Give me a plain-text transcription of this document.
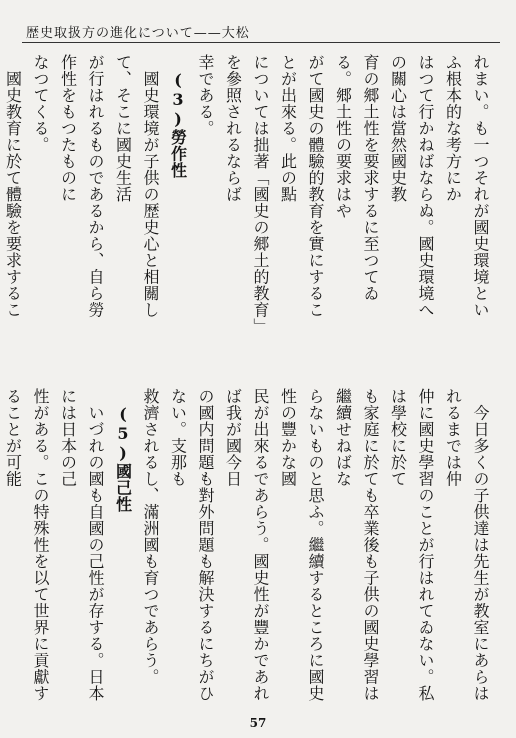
歴史取扱方の進化について——大松
れまい。も一つそれが國史環境といふ根本的な考方にか
はつて行かねばならぬ。國史環境への關心は當然國史教
育の郷土性を要求するに至つてゐる。郷土性の要求はや
がて國史の體驗的教育を實にすることが出來る。此の點
については拙著「國史の郷土的教育」を參照されるならば
幸である。
　(3)勞作性
　國史環境が子供の歴史心と相關して、そこに國史生活
が行はれるものであるから、自ら勞作性をもつたものに
なつてくる。
　國史教育に於て體驗を要求するこ
　今日多くの子供達は先生が教室にあらはれるまでは仲
仲に國史學習のことが行はれてゐない。私は學校に於て
も家庭に於ても卒業後も子供の國史學習は繼續せねばな
らないものと思ふ。繼續するところに國史性の豐かな國
民が出來るであらう。國史性が豐かであれば我が國今日
の國内問題も對外問題も解決するにちがひない。支那も
救濟されるし、滿洲國も育つであらう。
　(5)國己性
　いづれの國も自國の己性が存する。日本には日本の己
性がある。この特殊性を以て世界に貢獻することが可能
57
